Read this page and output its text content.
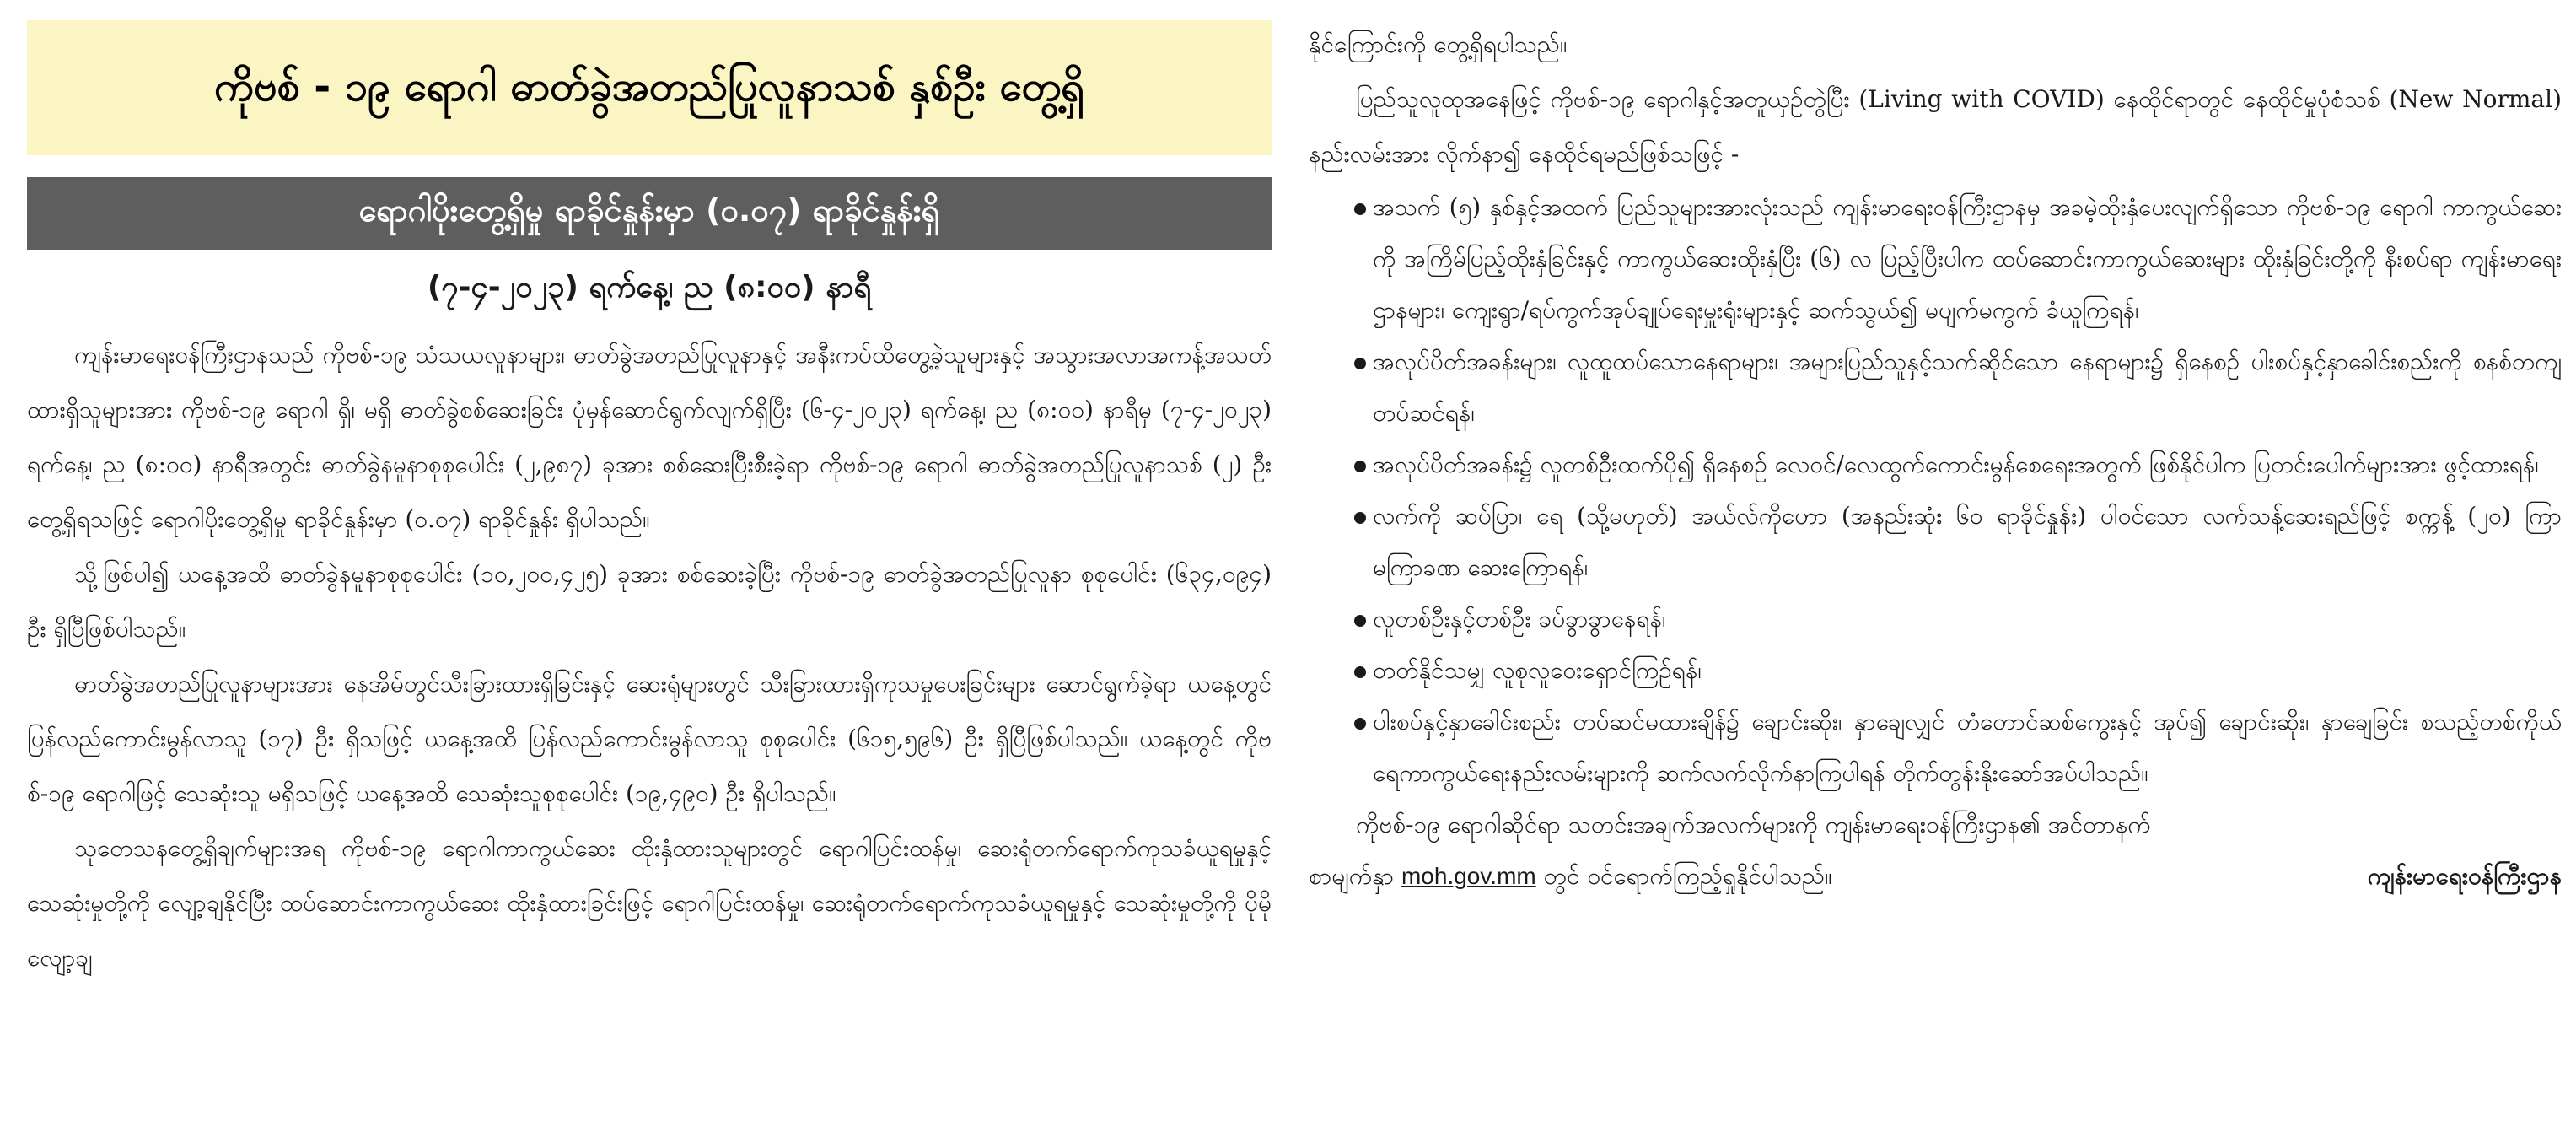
ကိုဗစ် - ၁၉ ရောဂါ ဓာတ်ခွဲအတည်ပြုလူနာသစ် နှစ်ဦး တွေ့ရှိ
ရောဂါပိုးတွေ့ရှိမှု ရာခိုင်နှုန်းမှာ (၀.၀၇) ရာခိုင်နှုန်းရှိ
(၇-၄-၂၀၂၃) ရက်နေ့၊ ည (၈:၀၀) နာရီ

ကျန်းမာရေးဝန်ကြီးဌာနသည် ကိုဗစ်-၁၉ သံသယလူနာများ၊ ဓာတ်ခွဲအတည်ပြုလူနာနှင့် အနီးကပ်ထိတွေ့ခဲ့သူများနှင့် အသွားအလာအကန့်အသတ်ထားရှိသူများအား ကိုဗစ်-၁၉ ရောဂါ ရှိ၊ မရှိ ဓာတ်ခွဲစစ်ဆေးခြင်း ပုံမှန်ဆောင်ရွက်လျက်ရှိပြီး (၆-၄-၂၀၂၃) ရက်နေ့၊ ည (၈:၀၀) နာရီမှ (၇-၄-၂၀၂၃) ရက်နေ့၊ ည (၈:၀၀) နာရီအတွင်း ဓာတ်ခွဲနမူနာစုစုပေါင်း (၂,၉၈၇) ခုအား စစ်ဆေးပြီးစီးခဲ့ရာ ကိုဗစ်-၁၉ ရောဂါ ဓာတ်ခွဲအတည်ပြုလူနာသစ် (၂) ဦး တွေ့ရှိရသဖြင့် ရောဂါပိုးတွေ့ရှိမှု ရာခိုင်နှုန်းမှာ (၀.၀၇) ရာခိုင်နှုန်း ရှိပါသည်။

သို့ဖြစ်ပါ၍ ယနေ့အထိ ဓာတ်ခွဲနမူနာစုစုပေါင်း (၁၀,၂၀၀,၄၂၅) ခုအား စစ်ဆေးခဲ့ပြီး ကိုဗစ်-၁၉ ဓာတ်ခွဲအတည်ပြုလူနာ စုစုပေါင်း (၆၃၄,၀၉၄) ဦး ရှိပြီဖြစ်ပါသည်။

ဓာတ်ခွဲအတည်ပြုလူနာများအား နေအိမ်တွင်သီးခြားထားရှိခြင်းနှင့် ဆေးရုံများတွင် သီးခြားထားရှိကုသမှုပေးခြင်းများ ဆောင်ရွက်ခဲ့ရာ ယနေ့တွင် ပြန်လည်ကောင်းမွန်လာသူ (၁၇) ဦး ရှိသဖြင့် ယနေ့အထိ ပြန်လည်ကောင်းမွန်လာသူ စုစုပေါင်း (၆၁၅,၅၉၆) ဦး ရှိပြီဖြစ်ပါသည်။ ယနေ့တွင် ကိုဗစ်-၁၉ ရောဂါဖြင့် သေဆုံးသူ မရှိသဖြင့် ယနေ့အထိ သေဆုံးသူစုစုပေါင်း (၁၉,၄၉၀) ဦး ရှိပါသည်။

သုတေသနတွေ့ရှိချက်များအရ ကိုဗစ်-၁၉ ရောဂါကာကွယ်ဆေး ထိုးနှံထားသူများတွင် ရောဂါပြင်းထန်မှု၊ ဆေးရုံတက်ရောက်ကုသခံယူရမှုနှင့် သေဆုံးမှုတို့ကို လျော့ချနိုင်ပြီး ထပ်ဆောင်းကာကွယ်ဆေး ထိုးနှံထားခြင်းဖြင့် ရောဂါပြင်းထန်မှု၊ ဆေးရုံတက်ရောက်ကုသခံယူရမှုနှင့် သေဆုံးမှုတို့ကို ပိုမိုလျော့ချ

နိုင်ကြောင်းကို တွေ့ရှိရပါသည်။

ပြည်သူလူထုအနေဖြင့် ကိုဗစ်-၁၉ ရောဂါနှင့်အတူယှဉ်တွဲပြီး (Living with COVID) နေထိုင်ရာတွင် နေထိုင်မှုပုံစံသစ် (New Normal) နည်းလမ်းအား လိုက်နာ၍ နေထိုင်ရမည်ဖြစ်သဖြင့် -

အသက် (၅) နှစ်နှင့်အထက် ပြည်သူများအားလုံးသည် ကျန်းမာရေးဝန်ကြီးဌာနမှ အခမဲ့ထိုးနှံပေးလျက်ရှိသော ကိုဗစ်-၁၉ ရောဂါ ကာကွယ်ဆေးကို အကြိမ်ပြည့်ထိုးနှံခြင်းနှင့် ကာကွယ်ဆေးထိုးနှံပြီး (၆) လ ပြည့်ပြီးပါက ထပ်ဆောင်းကာကွယ်ဆေးများ ထိုးနှံခြင်းတို့ကို နီးစပ်ရာ ကျန်းမာရေးဌာနများ၊ ကျေးရွာ/ရပ်ကွက်အုပ်ချုပ်ရေးမှူးရုံးများနှင့် ဆက်သွယ်၍ မပျက်မကွက် ခံယူကြရန်၊
အလုပ်ပိတ်အခန်းများ၊ လူထူထပ်သောနေရာများ၊ အများပြည်သူနှင့်သက်ဆိုင်သော နေရာများ၌ ရှိနေစဉ် ပါးစပ်နှင့်နှာခေါင်းစည်းကို စနစ်တကျတပ်ဆင်ရန်၊
အလုပ်ပိတ်အခန်း၌ လူတစ်ဦးထက်ပို၍ ရှိနေစဉ် လေဝင်/လေထွက်ကောင်းမွန်စေရေးအတွက် ဖြစ်နိုင်ပါက ပြတင်းပေါက်များအား ဖွင့်ထားရန်၊
လက်ကို ဆပ်ပြာ၊ ရေ (သို့မဟုတ်) အယ်လ်ကိုဟော (အနည်းဆုံး ၆၀ ရာခိုင်နှုန်း) ပါဝင်သော လက်သန့်ဆေးရည်ဖြင့် စက္ကန့် (၂၀) ကြာ မကြာခဏ ဆေးကြောရန်၊
လူတစ်ဦးနှင့်တစ်ဦး ခပ်ခွာခွာနေရန်၊
တတ်နိုင်သမျှ လူစုလူဝေးရှောင်ကြဉ်ရန်၊
ပါးစပ်နှင့်နှာခေါင်းစည်း တပ်ဆင်မထားချိန်၌ ချောင်းဆိုး၊ နှာချေလျှင် တံတောင်ဆစ်ကွေးနှင့် အုပ်၍ ချောင်းဆိုး၊ နှာချေခြင်း စသည့်တစ်ကိုယ်ရေကာကွယ်ရေးနည်းလမ်းများကို ဆက်လက်လိုက်နာကြပါရန် တိုက်တွန်းနိုးဆော်အပ်ပါသည်။

ကိုဗစ်-၁၉ ရောဂါဆိုင်ရာ သတင်းအချက်အလက်များကို ကျန်းမာရေးဝန်ကြီးဌာန၏ အင်တာနက်

စာမျက်နှာ moh.gov.mm တွင် ဝင်ရောက်ကြည့်ရှုနိုင်ပါသည်။	ကျန်းမာရေးဝန်ကြီးဌာန
